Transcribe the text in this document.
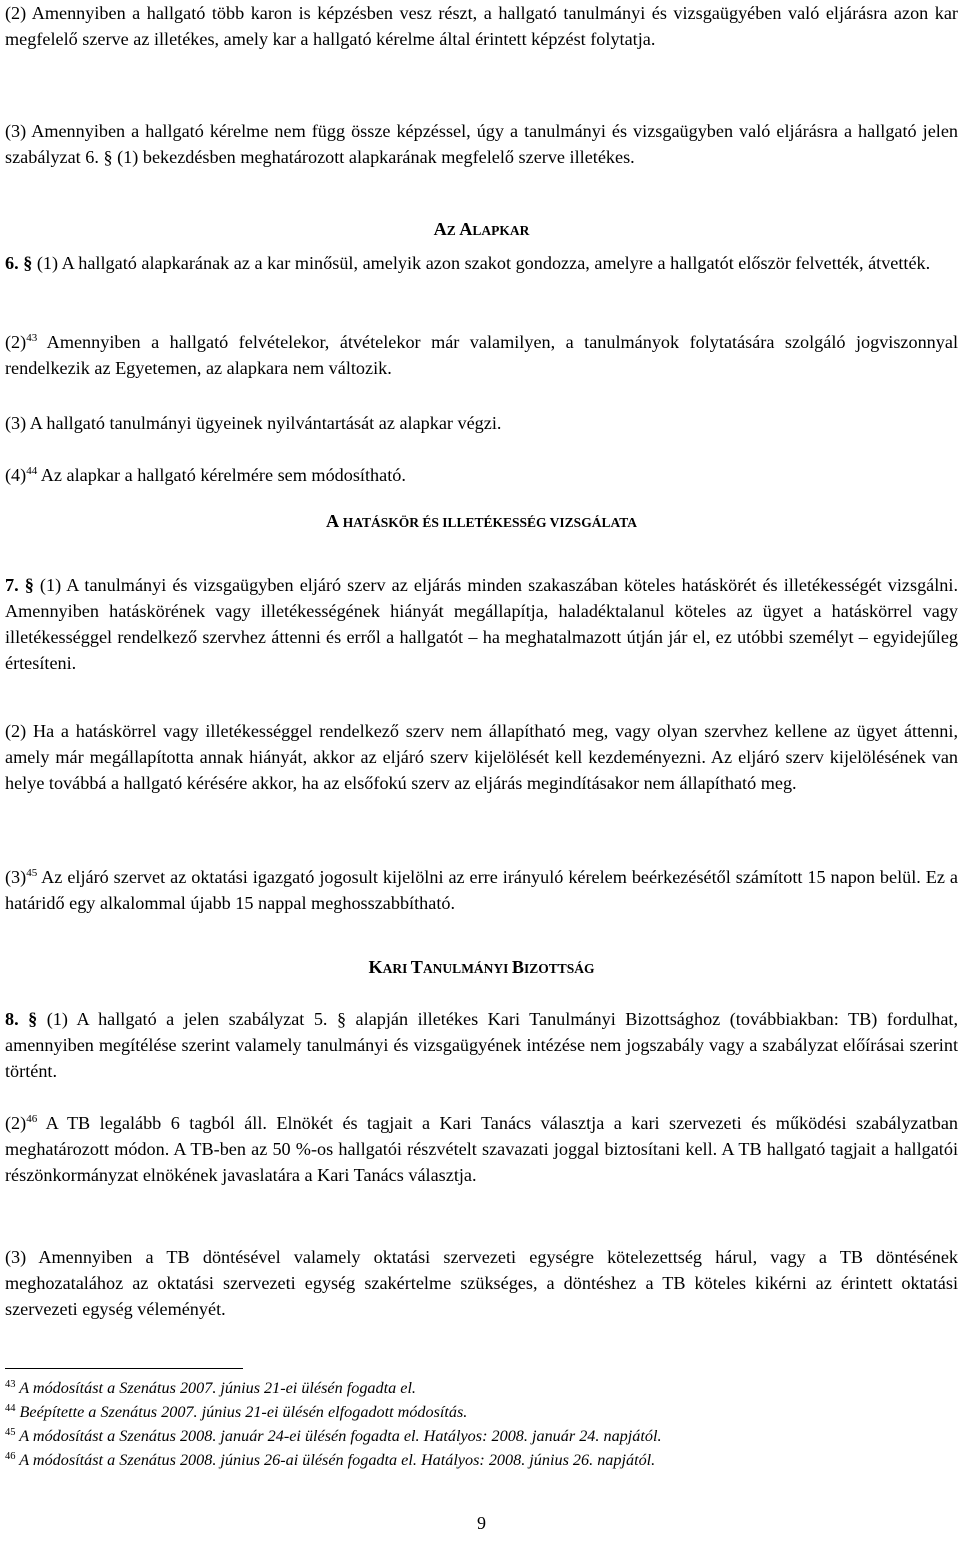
(2) Amennyiben a hallgató több karon is képzésben vesz részt, a hallgató tanulmányi és vizsgaügyében való eljárásra azon kar megfelelő szerve az illetékes, amely kar a hallgató kérelme által érintett képzést folytatja.

(3) Amennyiben a hallgató kérelme nem függ össze képzéssel, úgy a tanulmányi és vizsgaügyben való eljárásra a hallgató jelen szabályzat 6. § (1) bekezdésben meghatározott alapkarának megfelelő szerve illetékes.

AZ ALAPKAR

6. § (1) A hallgató alapkarának az a kar minősül, amelyik azon szakot gondozza, amelyre a hallgatót először felvették, átvették.

$(2)^{43}$ Amennyiben a hallgató felvételekor, átvételekor már valamilyen, a tanulmányok folytatására szolgáló jogviszonnyal rendelkezik az Egyetemen, az alapkara nem változik.

(3) A hallgató tanulmányi ügyeinek nyilvántartását az alapkar végzi.

$(4)^{44}$ Az alapkar a hallgató kérelmére sem módosítható.

A HATÁSKÖR ÉS ILLETÉKESSÉG VIZSGÁLATA

7. § (1) A tanulmányi és vizsgaügyben eljáró szerv az eljárás minden szakaszában köteles hatáskörét és illetékességét vizsgálni. Amennyiben hatáskörének vagy illetékességének hiányát megállapítja, haladéktalanul köteles az ügyet a hatáskörrel vagy illetékességgel rendelkező szervhez áttenni és erről a hallgatót – ha meghatalmazott útján jár el, ez utóbbi személyt – egyidejűleg értesíteni.

(2) Ha a hatáskörrel vagy illetékességgel rendelkező szerv nem állapítható meg, vagy olyan szervhez kellene az ügyet áttenni, amely már megállapította annak hiányát, akkor az eljáró szerv kijelölését kell kezdeményezni. Az eljáró szerv kijelölésének van helye továbbá a hallgató kérésére akkor, ha az elsőfokú szerv az eljárás megindításakor nem állapítható meg.

$(3)^{45}$ Az eljáró szervet az oktatási igazgató jogosult kijelölni az erre irányuló kérelem beérkezésétől számított 15 napon belül. Ez a határidő egy alkalommal újabb 15 nappal meghosszabbítható.

KARI TANULMÁNYI BIZOTTSÁG

8. § (1) A hallgató a jelen szabályzat 5. § alapján illetékes Kari Tanulmányi Bizottsághoz (továbbiakban: TB) fordulhat, amennyiben megítélése szerint valamely tanulmányi és vizsgaügyének intézése nem jogszabály vagy a szabályzat előírásai szerint történt.

$(2)^{46}$ A TB legalább 6 tagból áll. Elnökét és tagjait a Kari Tanács választja a kari szervezeti és működési szabályzatban meghatározott módon. A TB-ben az 50 %-os hallgatói részvételt szavazati joggal biztosítani kell. A TB hallgató tagjait a hallgatói részönkormányzat elnökének javaslatára a Kari Tanács választja.

(3) Amennyiben a TB döntésével valamely oktatási szervezeti egységre kötelezettség hárul, vagy a TB döntésének meghozatalához az oktatási szervezeti egység szakértelme szükséges, a döntéshez a TB köteles kikérni az érintett oktatási szervezeti egység véleményét.

$^{43}$ A módosítást a Szenátus 2007. június 21-ei ülésén fogadta el.

$^{44}$ Beépítette a Szenátus 2007. június 21-ei ülésén elfogadott módosítás.

$^{45}$ A módosítást a Szenátus 2008. január 24-ei ülésén fogadta el. Hatályos: 2008. január 24. napjától.

$^{46}$ A módosítást a Szenátus 2008. június 26-ai ülésén fogadta el. Hatályos: 2008. június 26. napjától.

9
